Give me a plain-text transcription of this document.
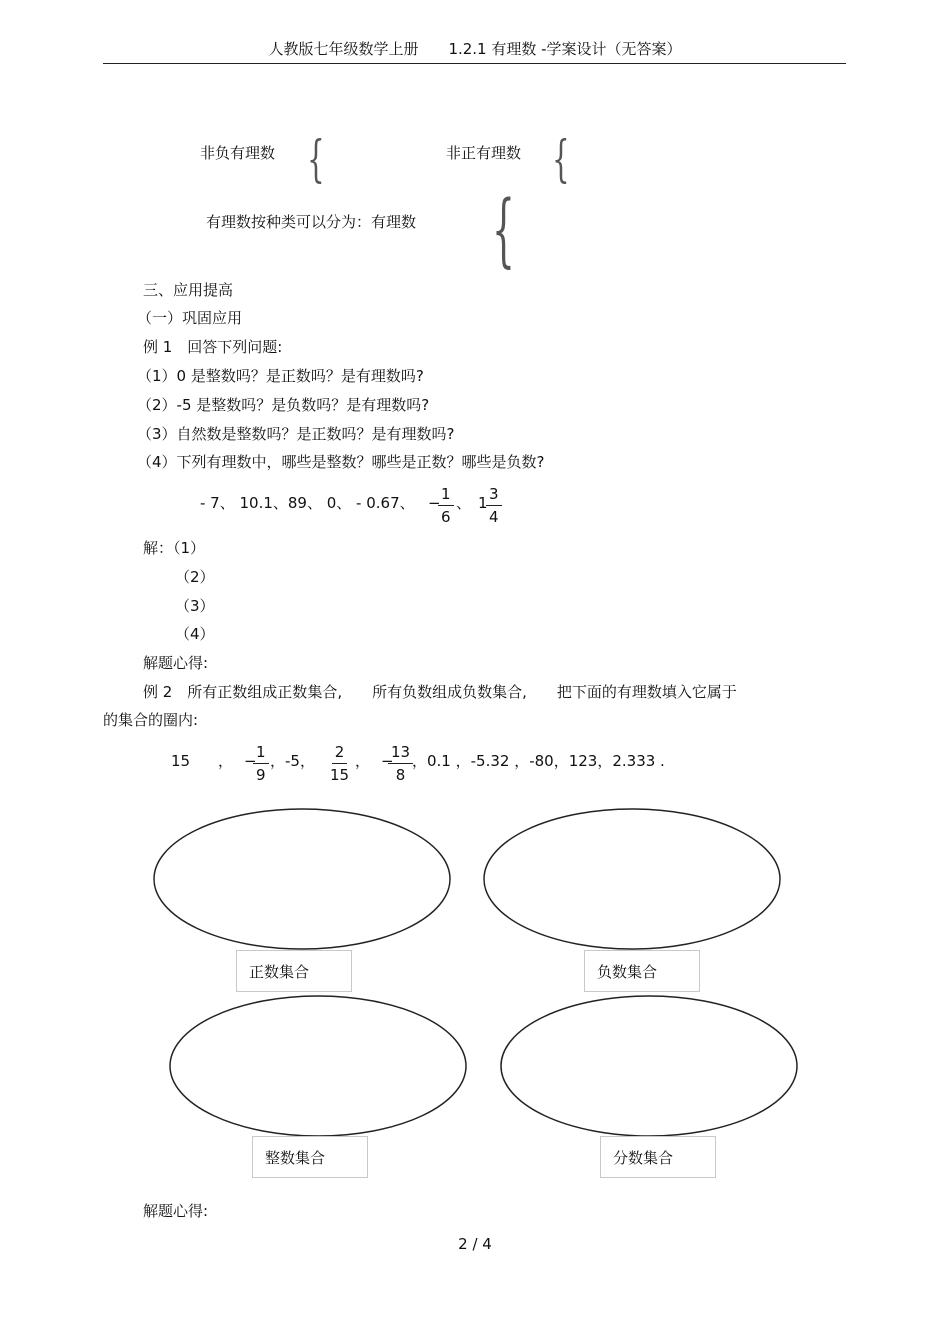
人教版七年级数学上册　　1.2.1 有理数 -学案设计（无答案）
非负有理数 {	非正有理数 {
有理数按种类可以分为：有理数 {
三、应用提高
（一）巩固应用
例 1　回答下列问题:
（1）0 是整数吗？是正数吗？是有理数吗?
（2）-5 是整数吗？是负数吗？是有理数吗?
（3）自然数是整数吗？是正数吗？是有理数吗?
（4）下列有理数中，哪些是整数？哪些是正数？哪些是负数?
- 7、 10.1、89、 0、 - 0.67、 −
$\frac{1}{6}$ 、 1
$\frac{3}{4}$
解：（1）
（2）
（3）
（4）
解题心得:
例 2　所有正数组成正数集合,　　所有负数组成负数集合,　　把下面的有理数填入它属于
的集合的圈内:
15 ， −
$\frac{1}{9}$ ，-5， $\frac{2}{15}$ ， −
$\frac{13}{8}$
，0.1 ，-5.32 ，-80，123，2.333 .
正数集合	负数集合
整数集合	分数集合
解题心得:
2 / 4
